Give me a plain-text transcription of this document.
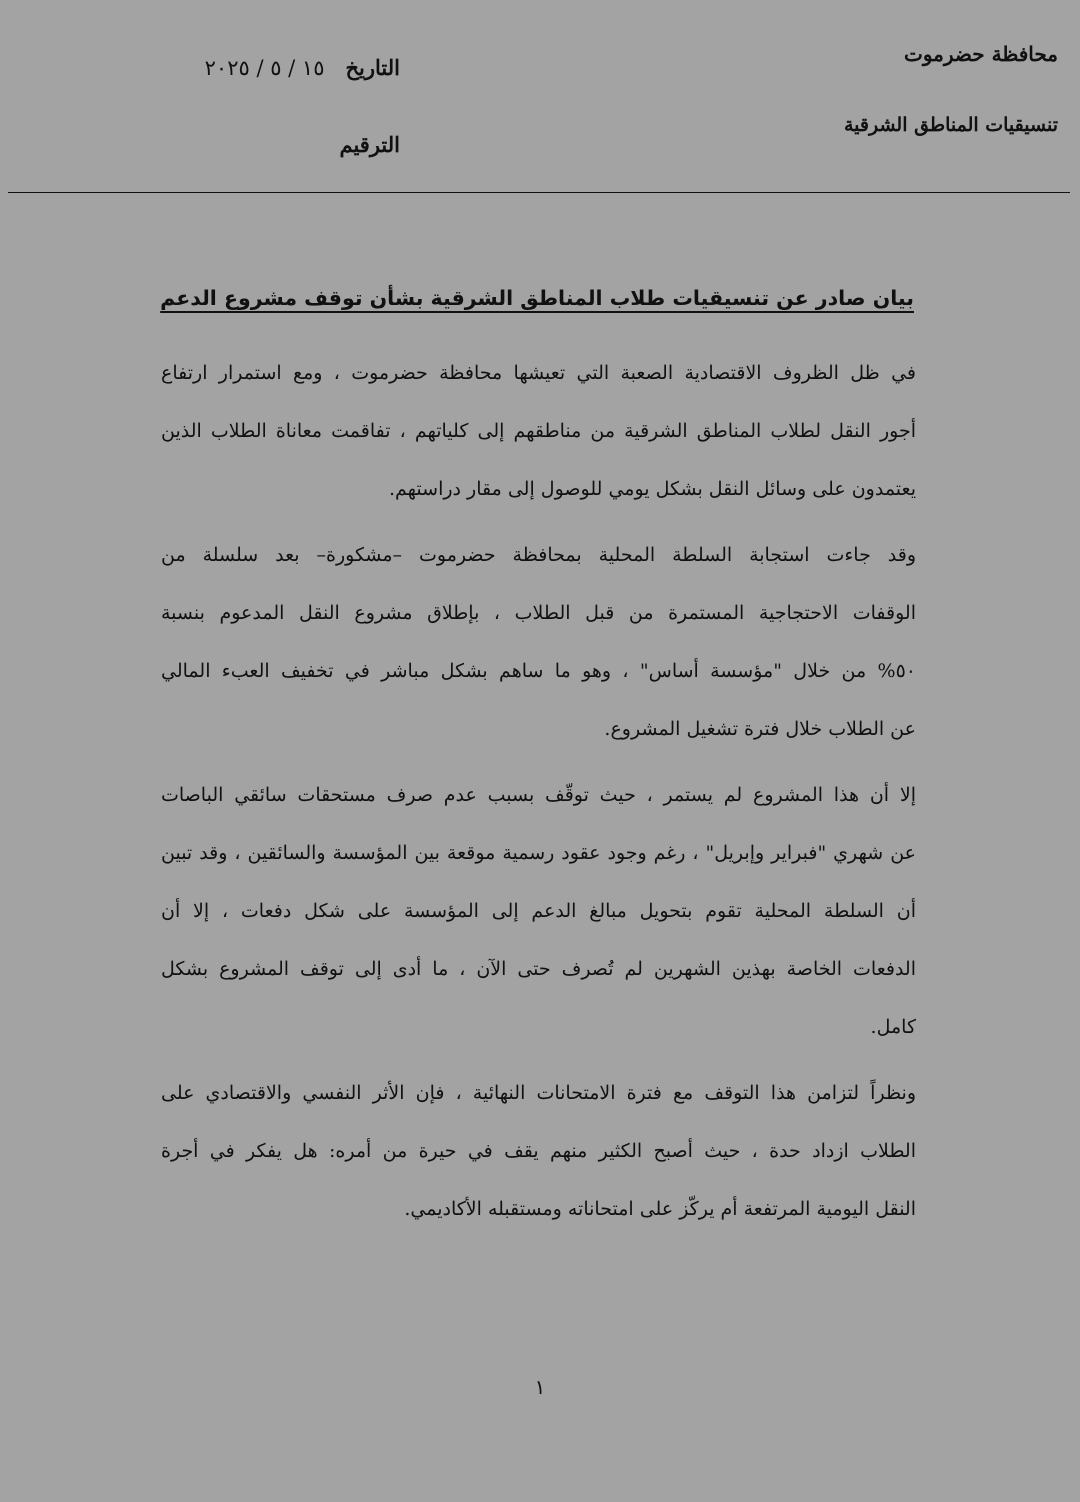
محافظة حضرموت
تنسيقيات المناطق الشرقية
التاريخ ١٥ / ٥ / ٢٠٢٥
الترقيم
بيان صادر عن تنسيقيات طلاب المناطق الشرقية بشأن توقف مشروع الدعم
في ظل الظروف الاقتصادية الصعبة التي تعيشها محافظة حضرموت ، ومع استمرار ارتفاع
أجور النقل لطلاب المناطق الشرقية من مناطقهم إلى كلياتهم ، تفاقمت معاناة الطلاب الذين
يعتمدون على وسائل النقل بشكل يومي للوصول إلى مقار دراستهم.
وقد جاءت استجابة السلطة المحلية بمحافظة حضرموت –مشكورة– بعد سلسلة من
الوقفات الاحتجاجية المستمرة من قبل الطلاب ، بإطلاق مشروع النقل المدعوم بنسبة
٥٠% من خلال "مؤسسة أساس" ، وهو ما ساهم بشكل مباشر في تخفيف العبء المالي
عن الطلاب خلال فترة تشغيل المشروع.
إلا أن هذا المشروع لم يستمر ، حيث توقّف بسبب عدم صرف مستحقات سائقي الباصات
عن شهري "فبراير وإبريل" ، رغم وجود عقود رسمية موقعة بين المؤسسة والسائقين ، وقد تبين
أن السلطة المحلية تقوم بتحويل مبالغ الدعم إلى المؤسسة على شكل دفعات ، إلا أن
الدفعات الخاصة بهذين الشهرين لم تُصرف حتى الآن ، ما أدى إلى توقف المشروع بشكل
كامل.
ونظراً لتزامن هذا التوقف مع فترة الامتحانات النهائية ، فإن الأثر النفسي والاقتصادي على
الطلاب ازداد حدة ، حيث أصبح الكثير منهم يقف في حيرة من أمره: هل يفكر في أجرة
النقل اليومية المرتفعة أم يركّز على امتحاناته ومستقبله الأكاديمي.
١
